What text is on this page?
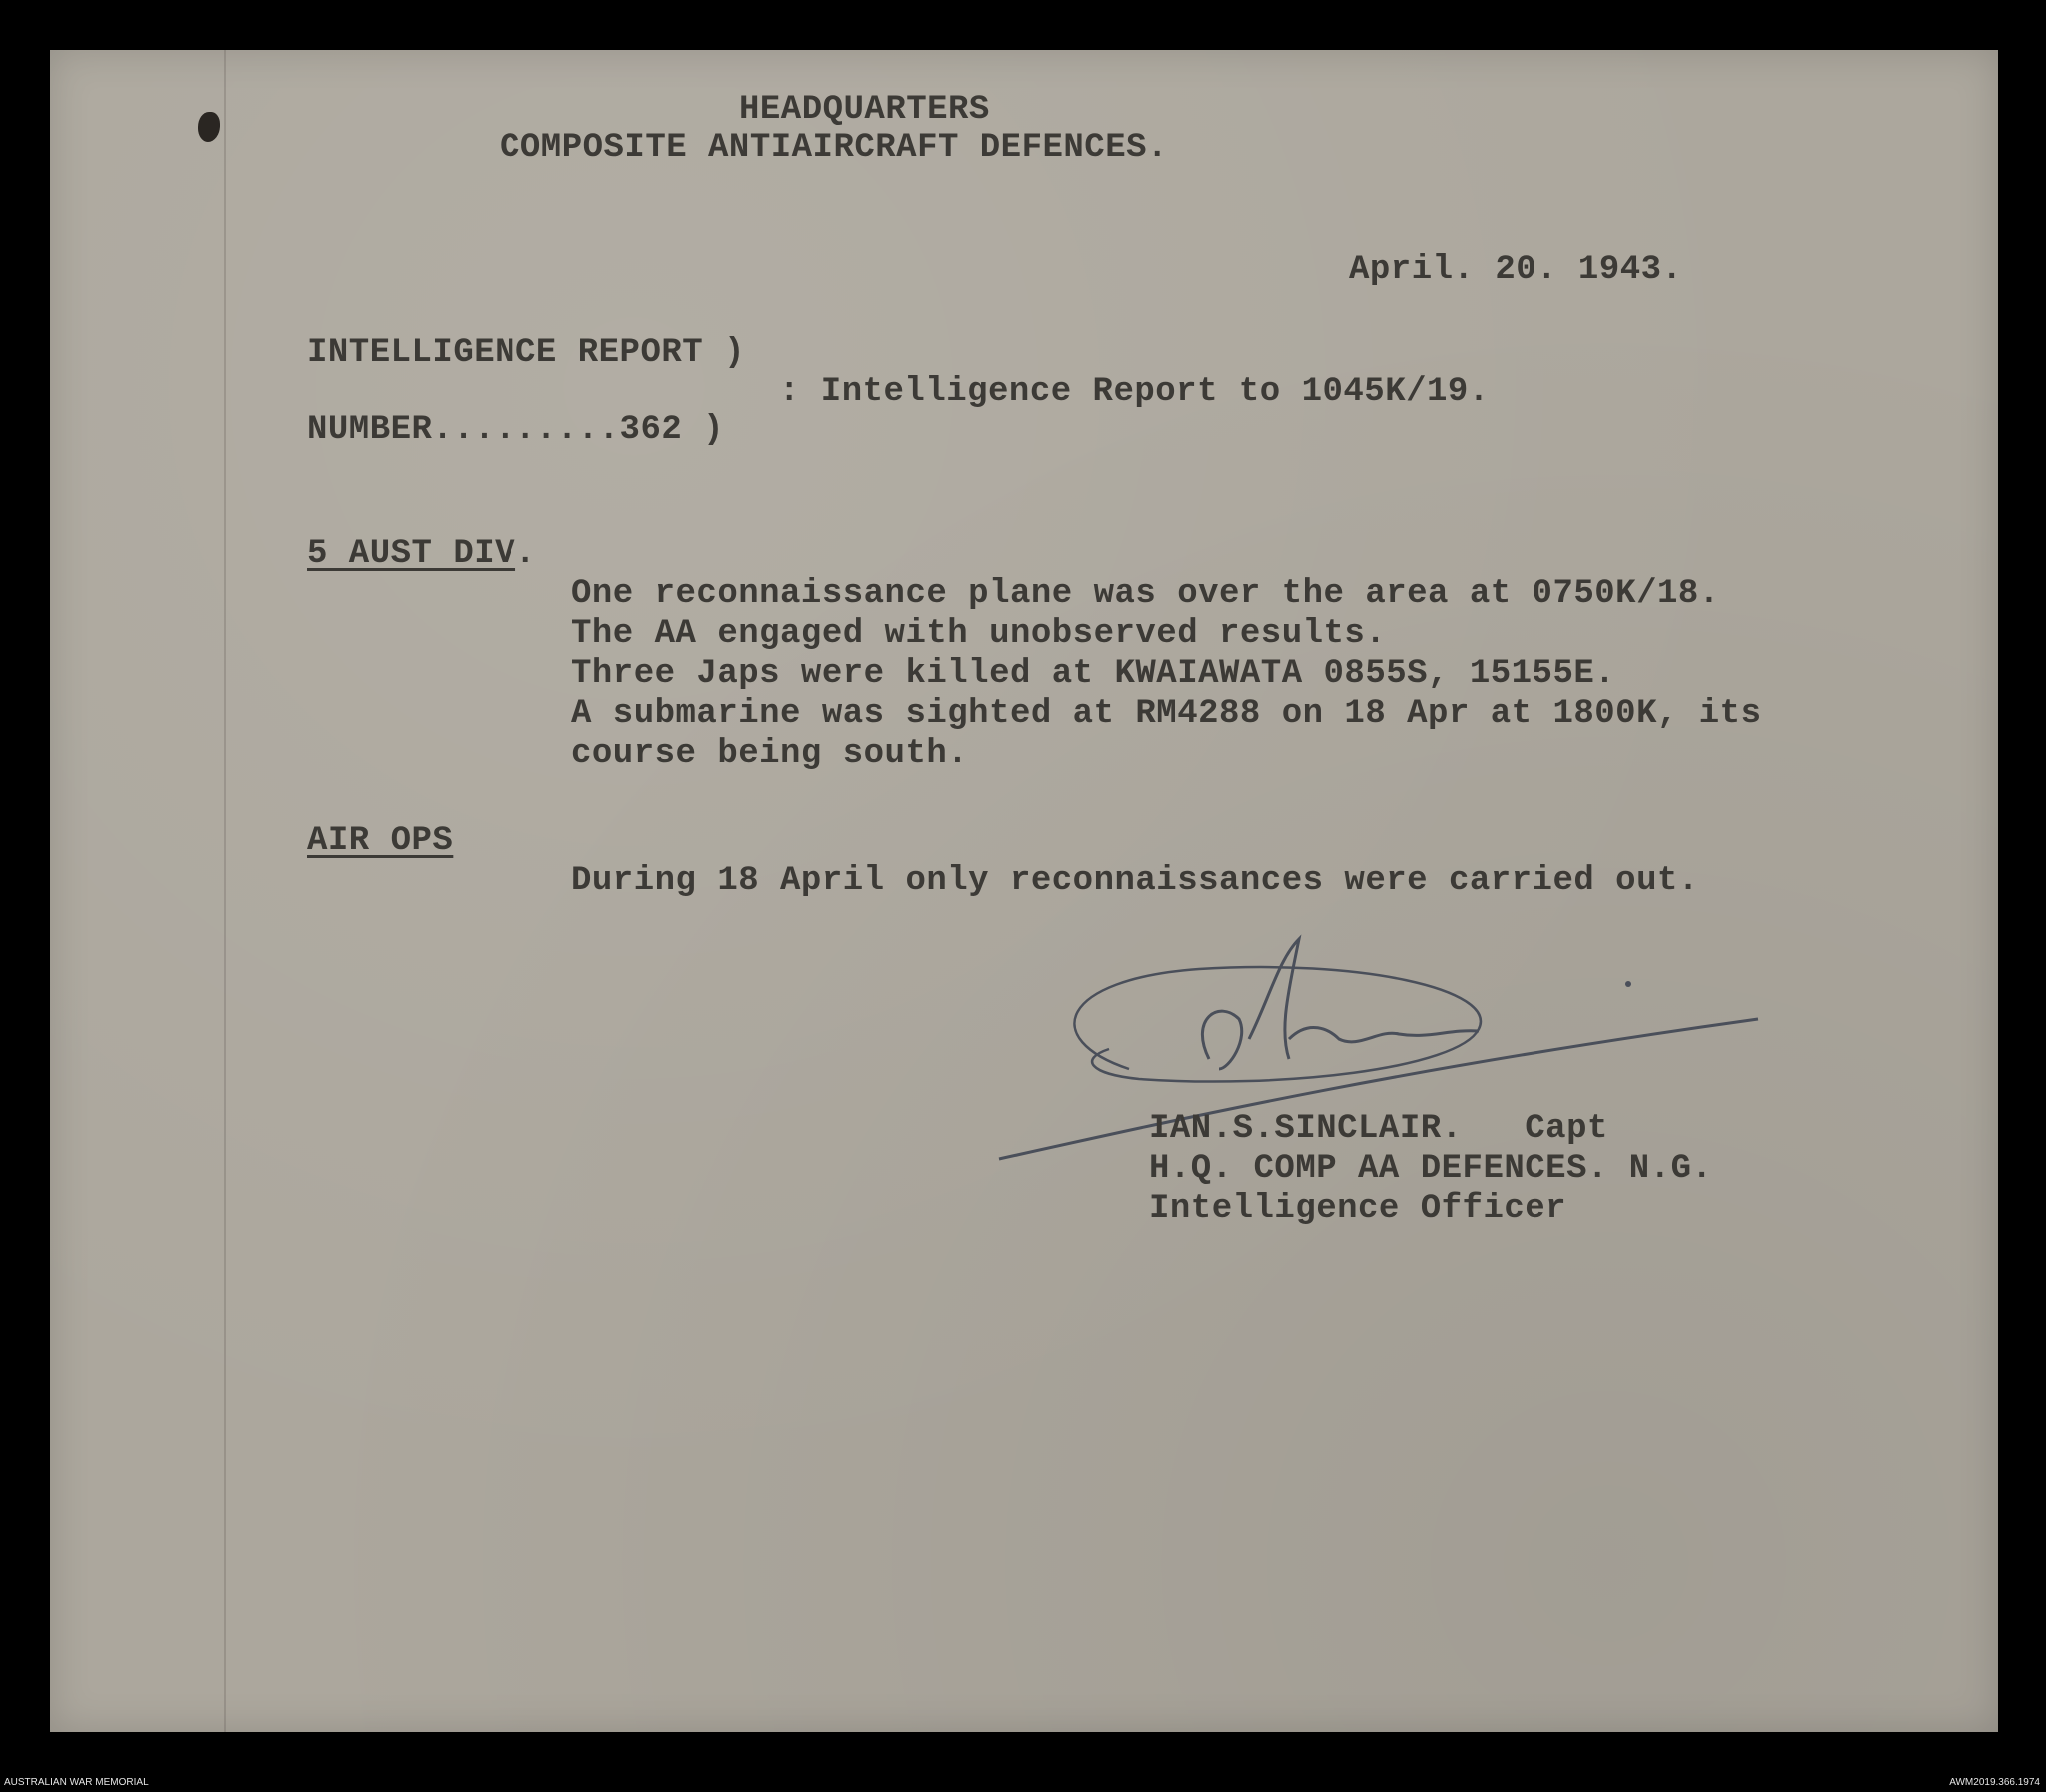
HEADQUARTERS
COMPOSITE ANTIAIRCRAFT DEFENCES.
April. 20. 1943.
INTELLIGENCE REPORT )
: Intelligence Report to 1045K/19.
NUMBER.........362 )
5 AUST DIV.
One reconnaissance plane was over the area at 0750K/18.
The AA engaged with unobserved results.
Three Japs were killed at KWAIAWATA 0855S, 15155E.
A submarine was sighted at RM4288 on 18 Apr at 1800K, its
course being south.
AIR OPS
During 18 April only reconnaissances were carried out.
IAN.S.SINCLAIR.   Capt
H.Q. COMP AA DEFENCES. N.G.
Intelligence Officer
AUSTRALIAN WAR MEMORIAL	AWM2019.366.1974
